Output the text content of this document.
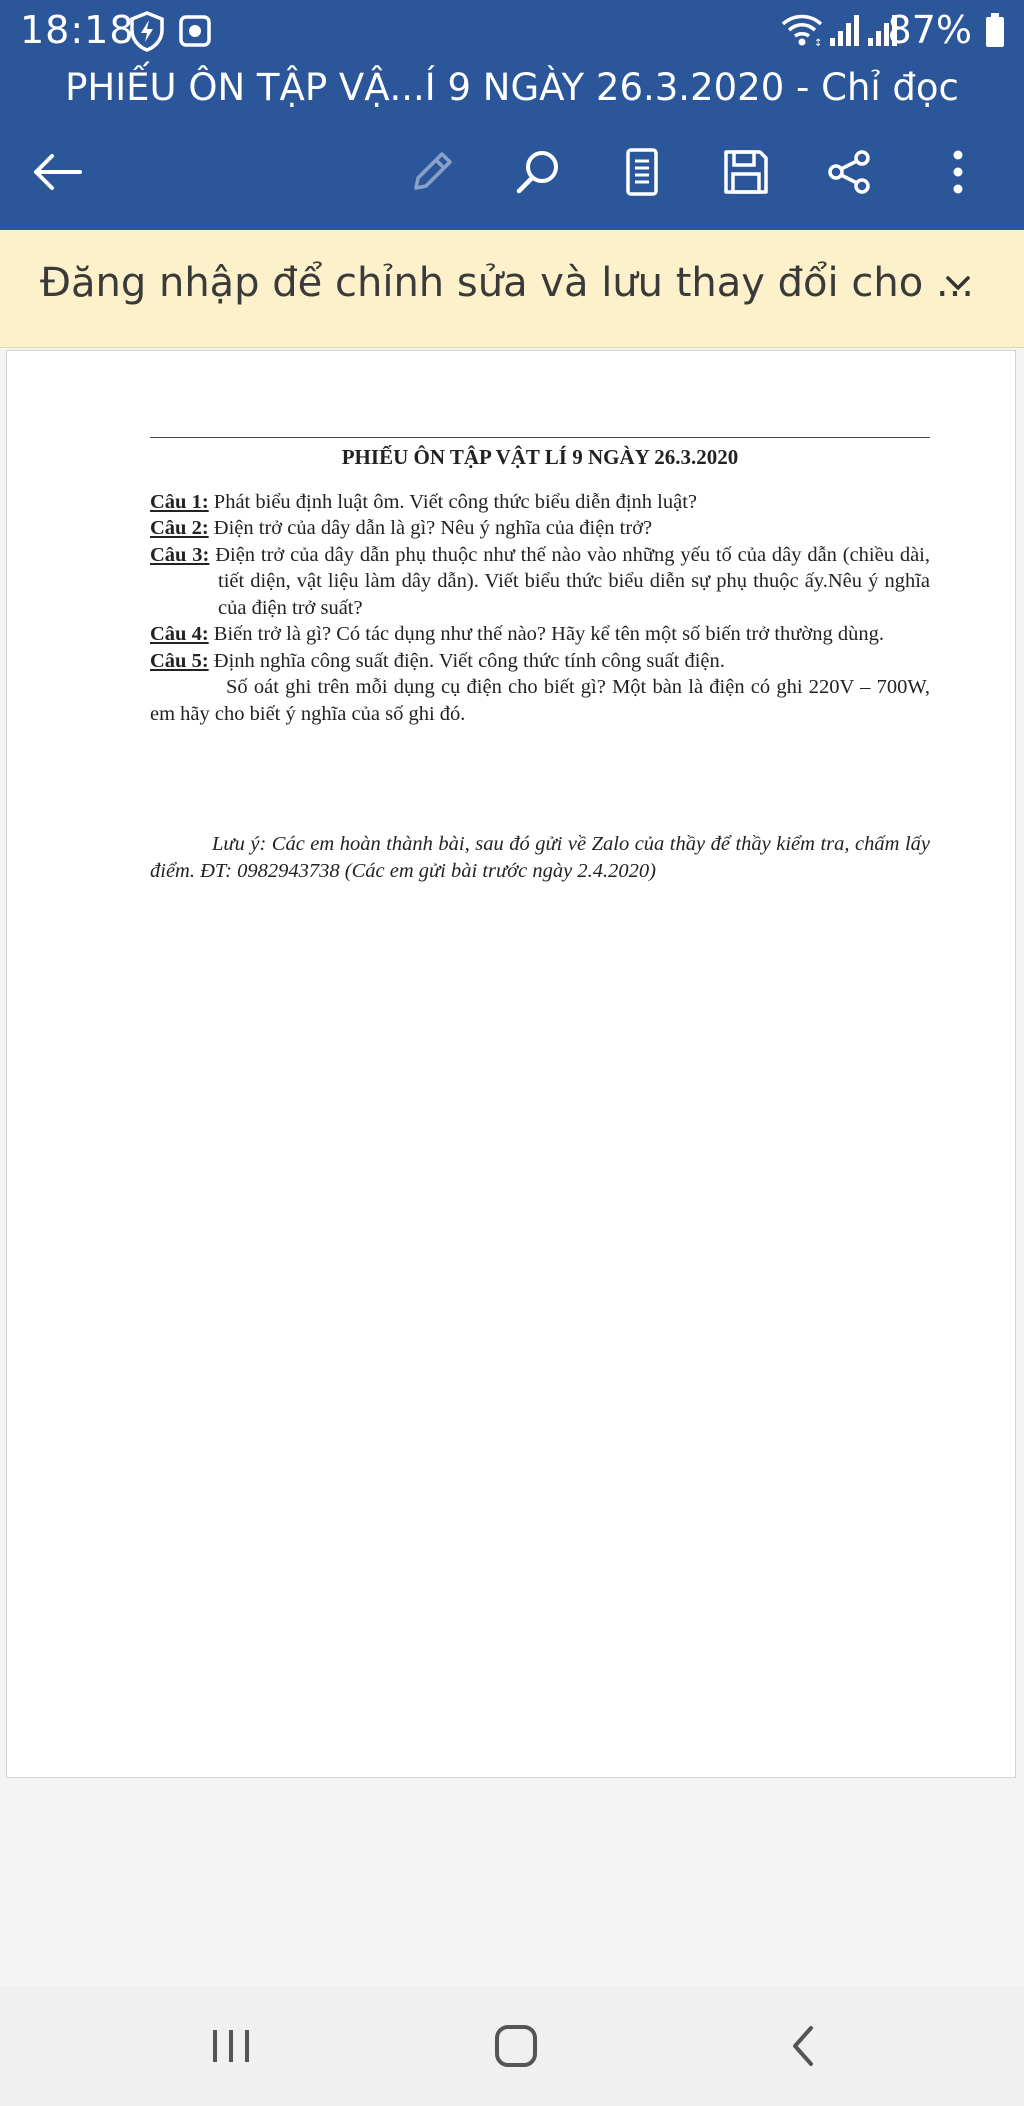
18:18	↕ 87%
PHIẾU ÔN TẬP VẬ...Í 9 NGÀY 26.3.2020 - Chỉ đọc
Đăng nhập để chỉnh sửa và lưu thay đổi cho ...
PHIẾU ÔN TẬP VẬT LÍ 9 NGÀY 26.3.2020
Câu 1: Phát biểu định luật ôm. Viết công thức biểu diễn định luật?
Câu 2: Điện trở của dây dẫn là gì? Nêu ý nghĩa của điện trở?
Câu 3: Điện trở của dây dẫn phụ thuộc như thế nào vào những yếu tố của dây dẫn (chiều dài, tiết diện, vật liệu làm dây dẫn). Viết biểu thức biểu diễn sự phụ thuộc ấy.Nêu ý nghĩa của điện trở suất?
Câu 4: Biến trở là gì? Có tác dụng như thế nào? Hãy kể tên một số biến trở thường dùng.
Câu 5: Định nghĩa công suất điện. Viết công thức tính công suất điện.
Số oát ghi trên mỗi dụng cụ điện cho biết gì? Một bàn là điện có ghi 220V – 700W, em hãy cho biết ý nghĩa của số ghi đó.
Lưu ý: Các em hoàn thành bài, sau đó gửi về Zalo của thầy để thầy kiểm tra, chấm lấy điểm. ĐT: 0982943738 (Các em gửi bài trước ngày 2.4.2020)
